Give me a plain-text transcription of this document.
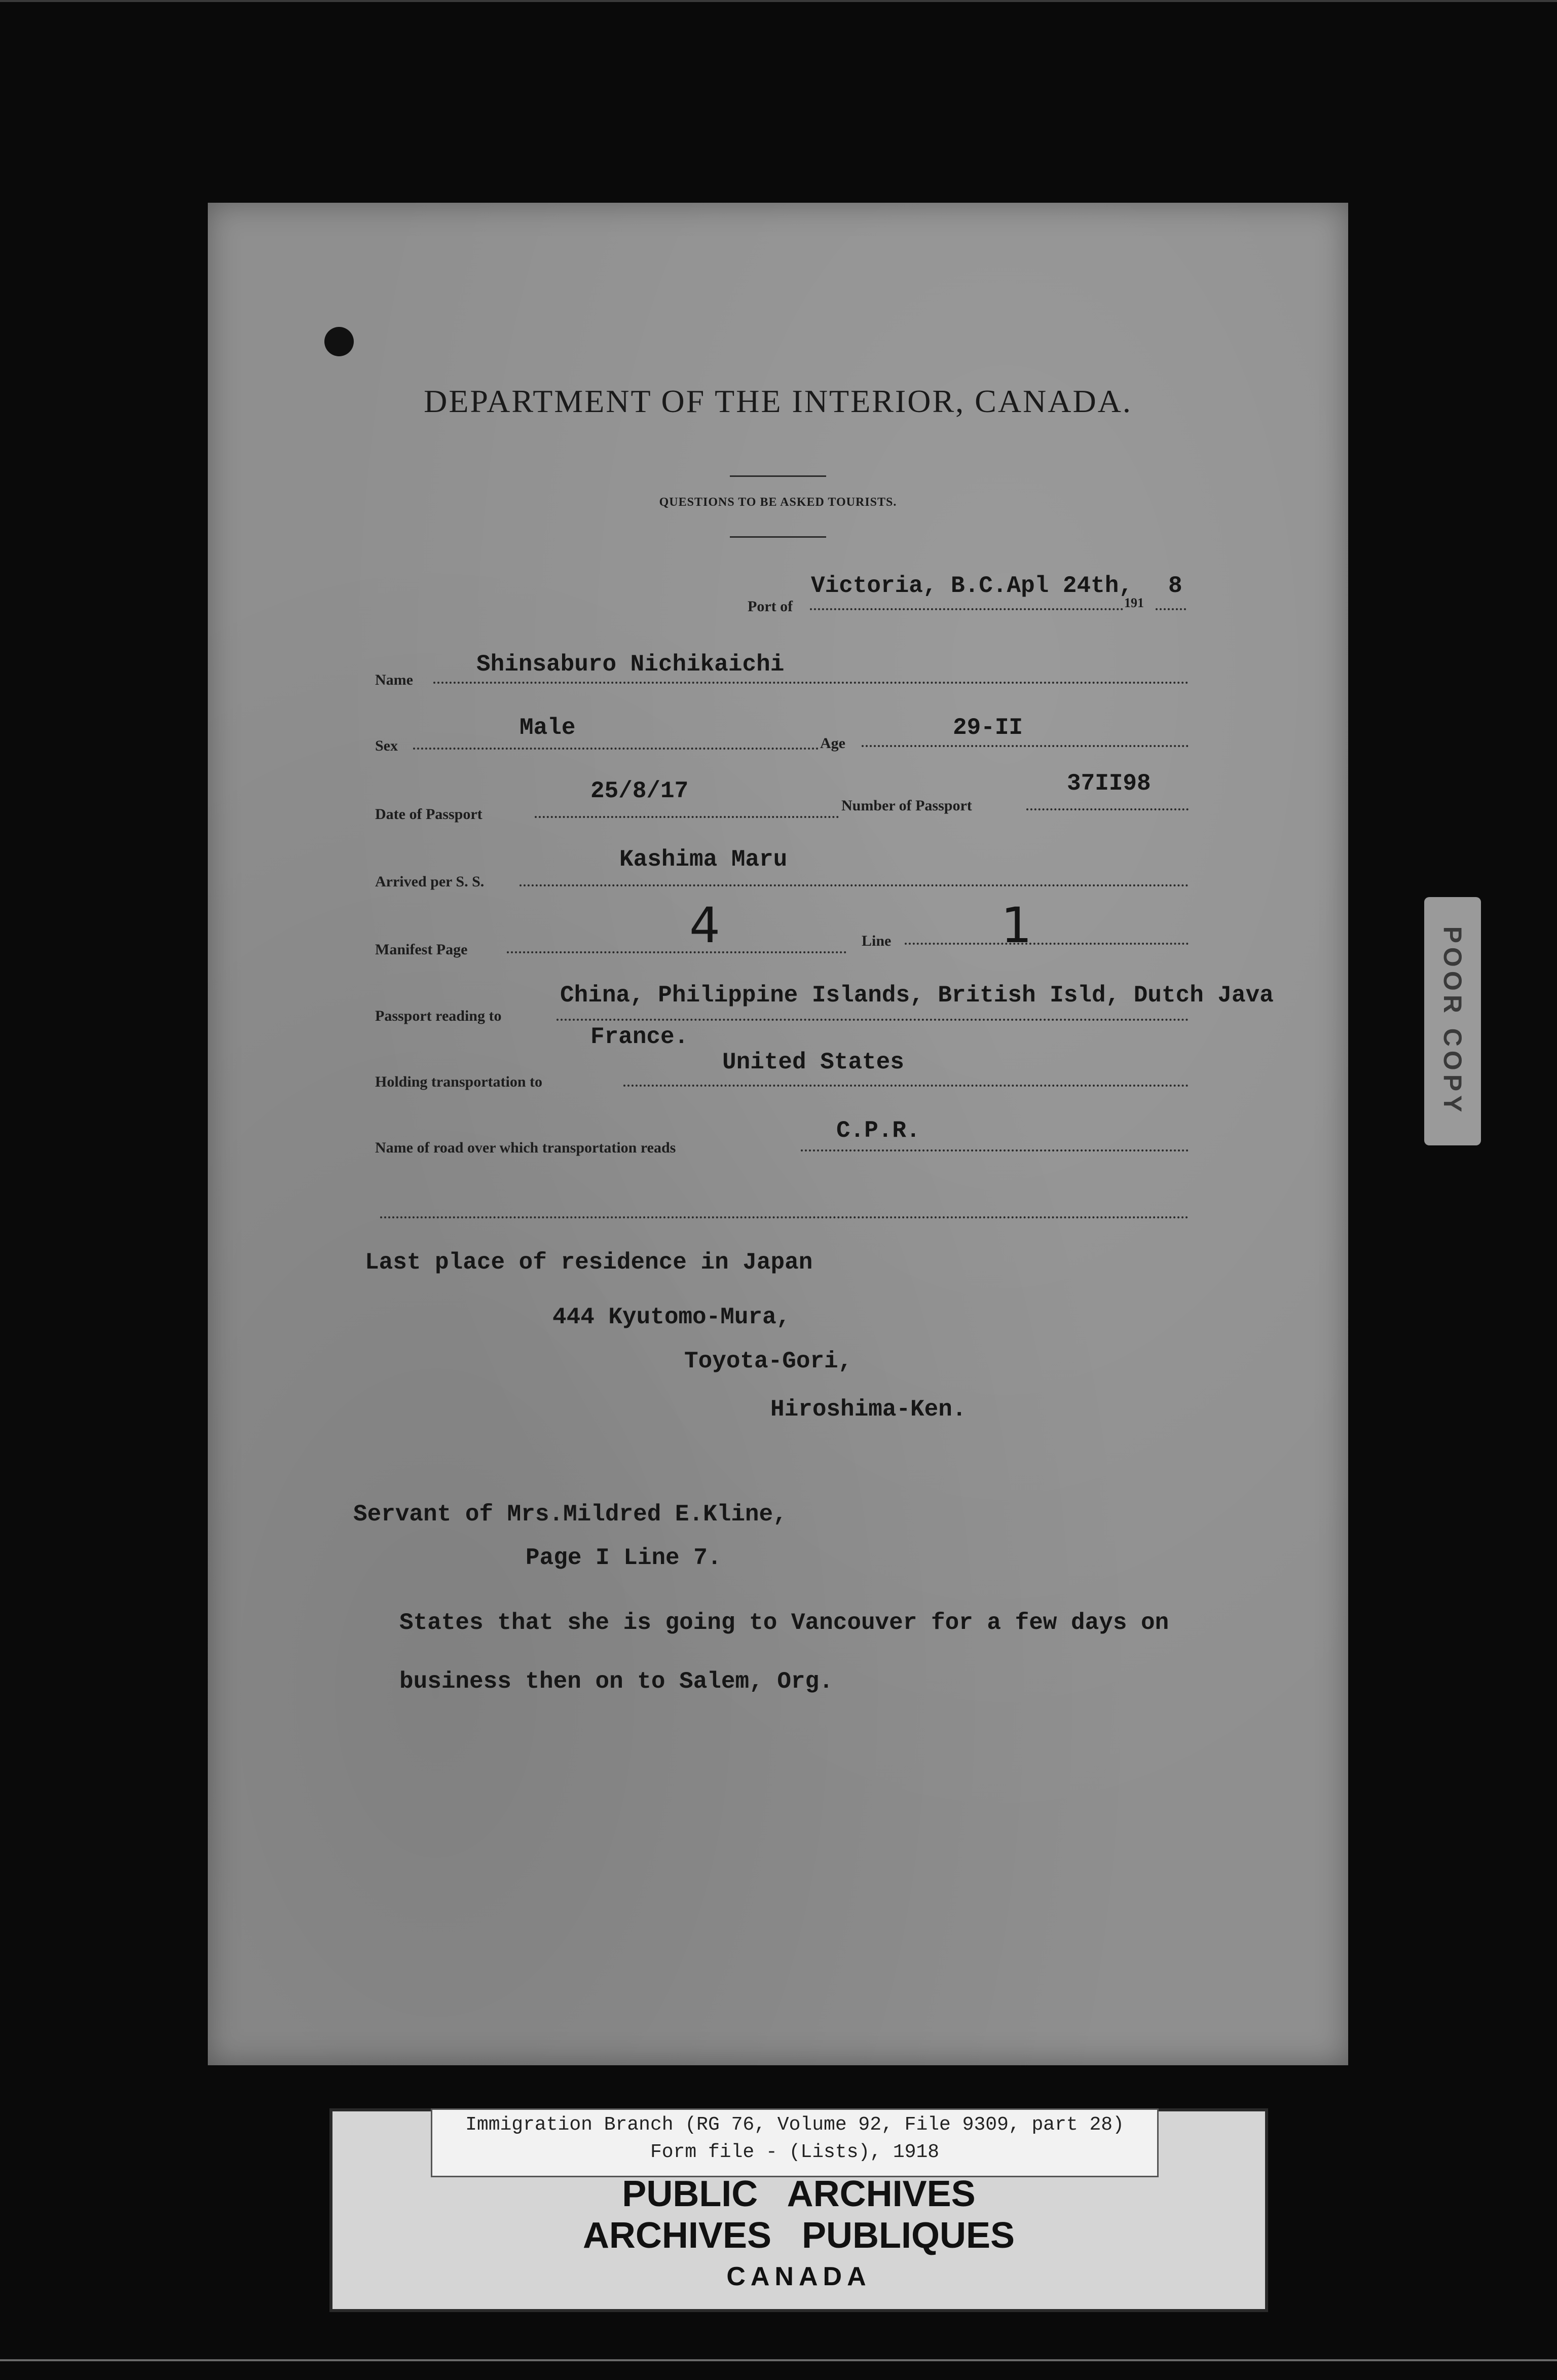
DEPARTMENT OF THE INTERIOR, CANADA.
QUESTIONS TO BE ASKED TOURISTS.
Port of
Victoria, B.C.Apl 24th,
191
8
Name
Shinsaburo Nichikaichi
Sex
Male
Age
29-II
Date of Passport
25/8/17
Number of Passport
37II98
Arrived per S. S.
Kashima Maru
Manifest Page	4	Line 1
Passport reading to
China, Philippine Islands, British Isld, Dutch Java
France.
Holding transportation to
United States
Name of road over which transportation reads
C.P.R.
Last place of residence in Japan
444 Kyutomo-Mura,
Toyota-Gori,
Hiroshima-Ken.
Servant of Mrs.Mildred E.Kline,
Page I Line 7.
States that she is going to Vancouver for a few days on
business then on to Salem, Org.
POOR COPY
Immigration Branch (RG 76, Volume 92, File 9309, part 28)
Form file - (Lists), 1918
PUBLIC   ARCHIVES
ARCHIVES   PUBLIQUES
CANADA
